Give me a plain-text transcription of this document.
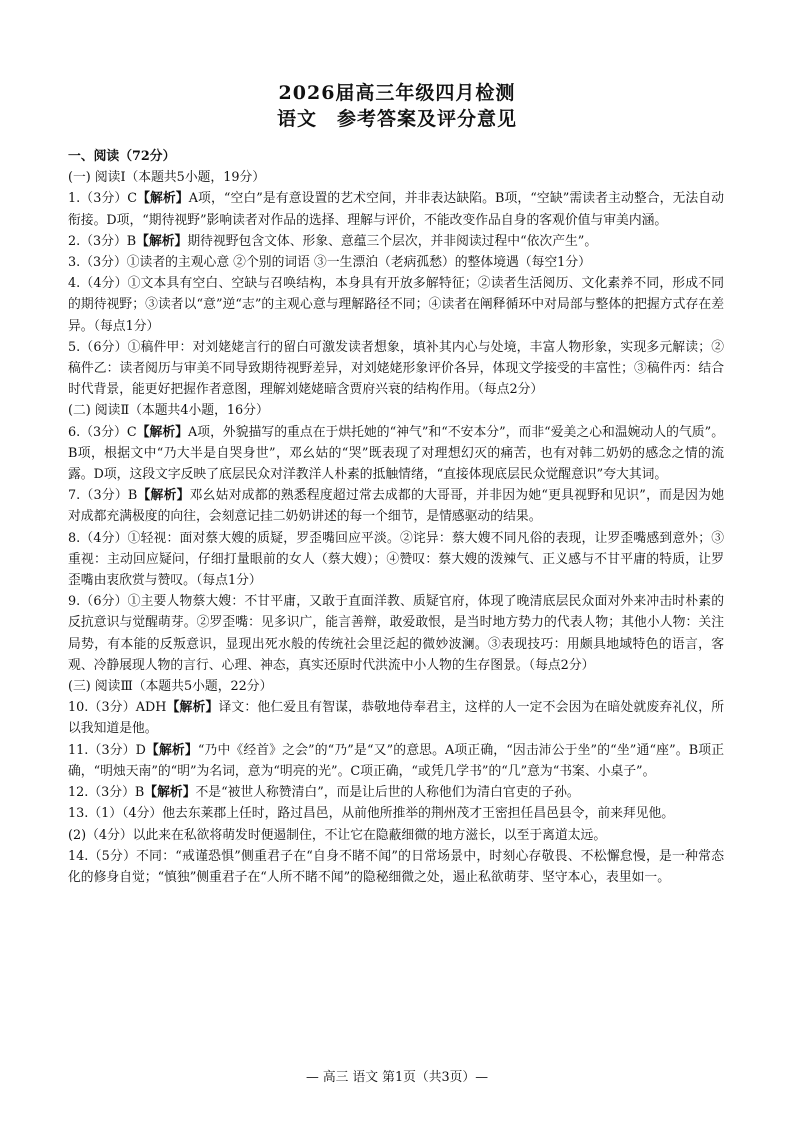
2026届高三年级四月检测
语文　参考答案及评分意见

一、阅读（72分）

(一) 阅读Ⅰ（本题共5小题，19分）

1.（3分）C【解析】A项，“空白”是有意设置的艺术空间，并非表达缺陷。B项，“空缺”需读者主动整合，无法自动衔接。D项，“期待视野”影响读者对作品的选择、理解与评价，不能改变作品自身的客观价值与审美内涵。

2.（3分）B【解析】期待视野包含文体、形象、意蕴三个层次，并非阅读过程中“依次产生”。

3.（3分）①读者的主观心意 ②个别的词语 ③一生漂泊（老病孤愁）的整体境遇（每空1分）

4.（4分）①文本具有空白、空缺与召唤结构，本身具有开放多解特征；②读者生活阅历、文化素养不同，形成不同的期待视野；③读者以“意”逆“志”的主观心意与理解路径不同；④读者在阐释循环中对局部与整体的把握方式存在差异。（每点1分）

5.（6分）①稿件甲：对刘姥姥言行的留白可激发读者想象，填补其内心与处境，丰富人物形象，实现多元解读；②稿件乙：读者阅历与审美不同导致期待视野差异，对刘姥姥形象评价各异，体现文学接受的丰富性；③稿件丙：结合时代背景，能更好把握作者意图，理解刘姥姥暗含贾府兴衰的结构作用。（每点2分）

(二) 阅读Ⅱ（本题共4小题，16分）

6.（3分）C【解析】A项，外貌描写的重点在于烘托她的“神气”和“不安本分”，而非“爱美之心和温婉动人的气质”。B项，根据文中“乃大半是自哭身世”，邓幺姑的“哭”既表现了对理想幻灭的痛苦，也有对韩二奶奶的感念之情的流露。D项，这段文字反映了底层民众对洋教洋人朴素的抵触情绪，“直接体现底层民众觉醒意识”夸大其词。

7.（3分）B【解析】邓幺姑对成都的熟悉程度超过常去成都的大哥哥，并非因为她“更具视野和见识”，而是因为她对成都充满极度的向往，会刻意记挂二奶奶讲述的每一个细节，是情感驱动的结果。

8.（4分）①轻视：面对蔡大嫂的质疑，罗歪嘴回应平淡。②诧异：蔡大嫂不同凡俗的表现，让罗歪嘴感到意外；③重视：主动回应疑问，仔细打量眼前的女人（蔡大嫂）；④赞叹：蔡大嫂的泼辣气、正义感与不甘平庸的特质，让罗歪嘴由衷欣赏与赞叹。（每点1分）

9.（6分）①主要人物蔡大嫂：不甘平庸，又敢于直面洋教、质疑官府，体现了晚清底层民众面对外来冲击时朴素的反抗意识与觉醒萌芽。②罗歪嘴：见多识广，能言善辩，敢爱敢恨，是当时地方势力的代表人物；其他小人物：关注局势，有本能的反叛意识，显现出死水般的传统社会里泛起的微妙波澜。③表现技巧：用颇具地域特色的语言，客观、冷静展现人物的言行、心理、神态，真实还原时代洪流中小人物的生存图景。（每点2分）

(三) 阅读Ⅲ（本题共5小题，22分）

10.（3分）ADH【解析】译文：他仁爱且有智谋，恭敬地侍奉君主，这样的人一定不会因为在暗处就废弃礼仪，所以我知道是他。

11.（3分）D【解析】“乃中《经首》之会”的“乃”是“又”的意思。A项正确，“因击沛公于坐”的“坐”通“座”。B项正确，“明烛天南”的“明”为名词，意为“明亮的光”。C项正确，“或凭几学书”的“几”意为“书案、小桌子”。

12.（3分）B【解析】不是“被世人称赞清白”，而是让后世的人称他们为清白官吏的子孙。

13.（1）（4分）他去东莱郡上任时，路过昌邑，从前他所推举的荆州茂才王密担任昌邑县令，前来拜见他。

(2)（4分）以此来在私欲将萌发时便遏制住，不让它在隐蔽细微的地方滋长，以至于离道太远。

14.（5分）不同：“戒谨恐惧”侧重君子在“自身不睹不闻”的日常场景中，时刻心存敬畏、不松懈怠慢，是一种常态化的修身自觉；“慎独”侧重君子在“人所不睹不闻”的隐秘细微之处，遏止私欲萌芽、坚守本心，表里如一。

— 高三 语文 第1页（共3页）—
